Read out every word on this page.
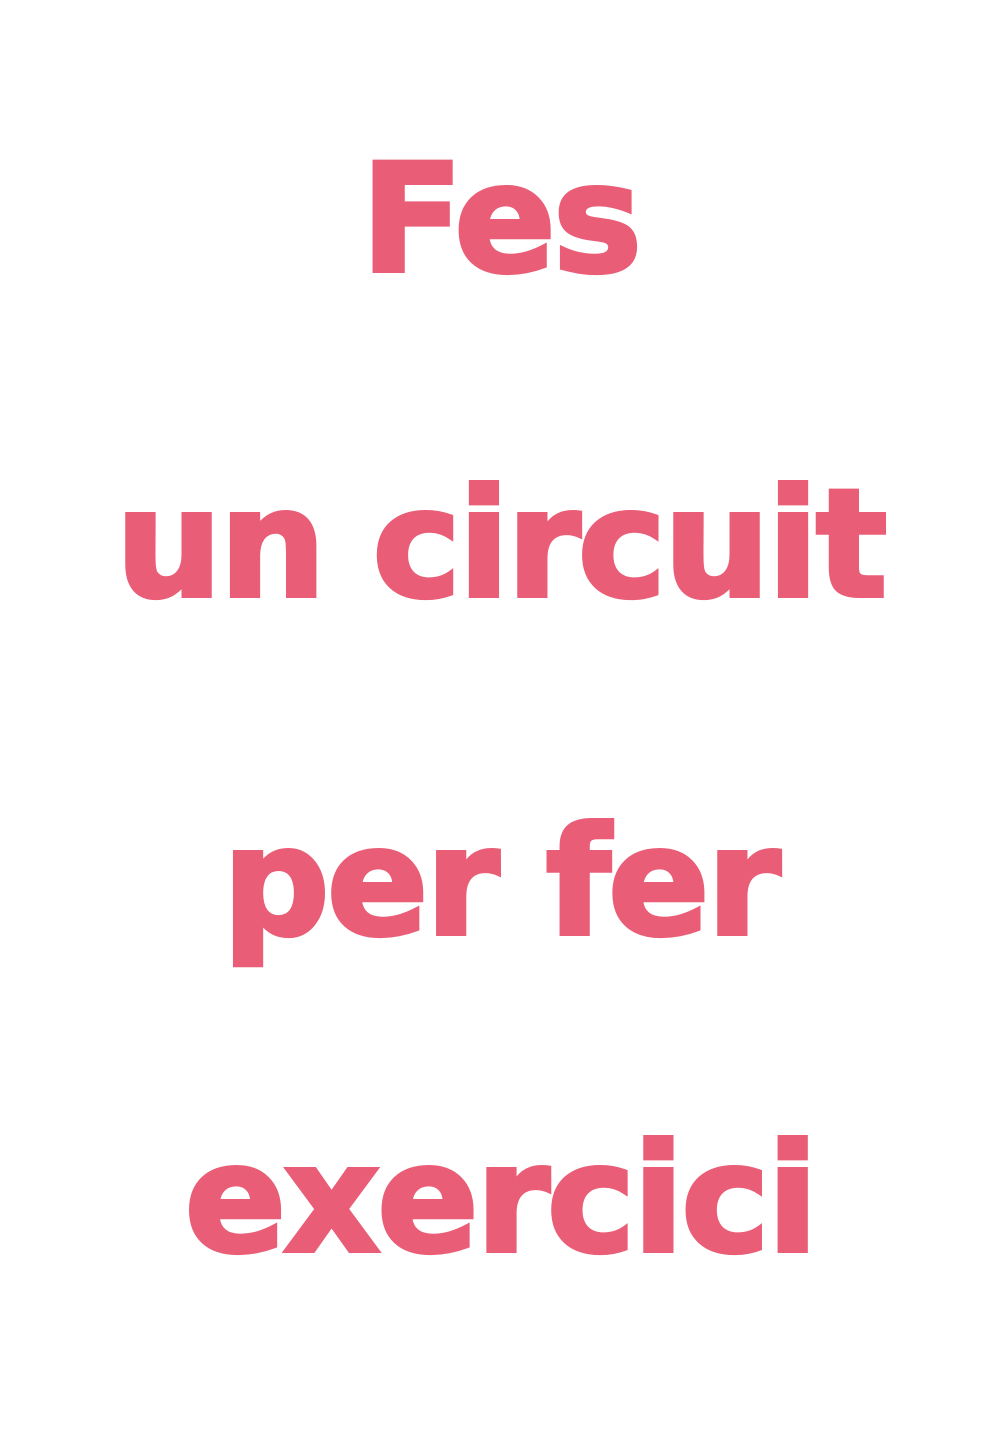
Fes
un circuit
per fer
exercici
